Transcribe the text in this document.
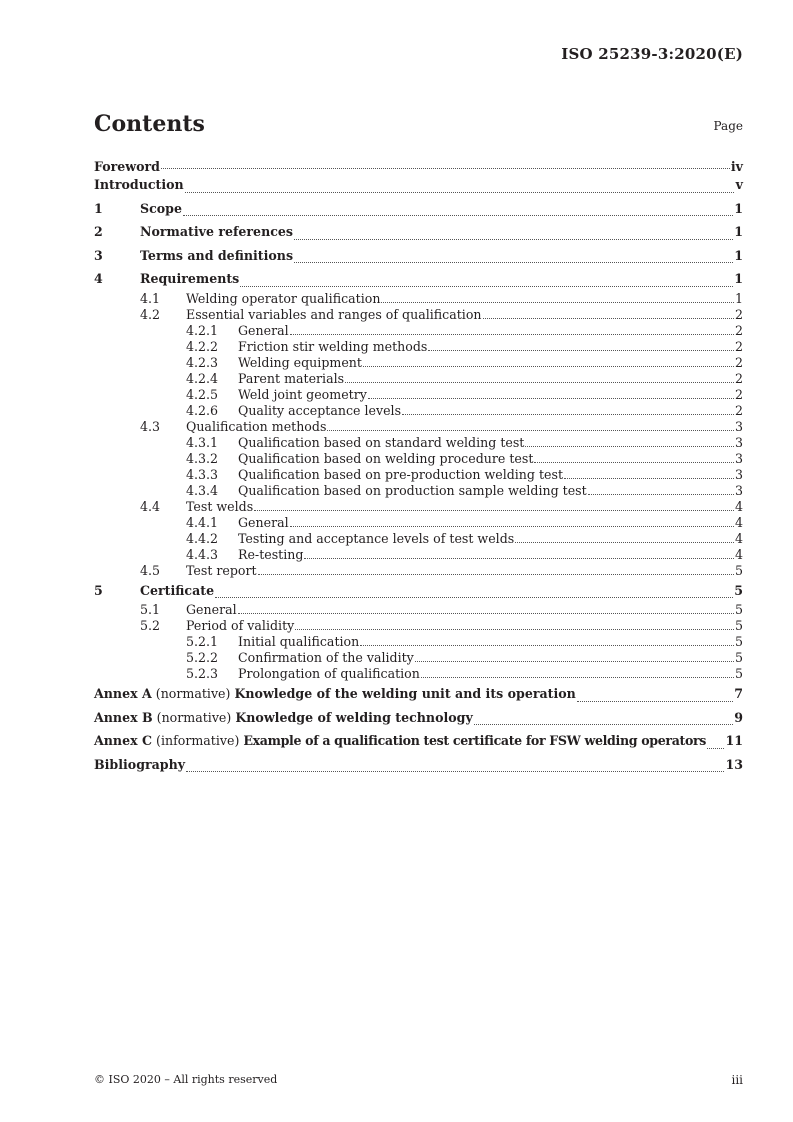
ISO 25239-3:2020(E)
Contents	Page
Foreword	iv
Introduction	v
1	Scope	1
2	Normative references	1
3	Terms and definitions	1
4	Requirements	1
4.1	Welding operator qualification	1
4.2	Essential variables and ranges of qualification	2
4.2.1	General	2
4.2.2	Friction stir welding methods	2
4.2.3	Welding equipment	2
4.2.4	Parent materials	2
4.2.5	Weld joint geometry	2
4.2.6	Quality acceptance levels	2
4.3	Qualification methods	3
4.3.1	Qualification based on standard welding test	3
4.3.2	Qualification based on welding procedure test	3
4.3.3	Qualification based on pre-production welding test	3
4.3.4	Qualification based on production sample welding test	3
4.4	Test welds	4
4.4.1	General	4
4.4.2	Testing and acceptance levels of test welds	4
4.4.3	Re-testing	4
4.5	Test report	5
5	Certificate	5
5.1	General	5
5.2	Period of validity	5
5.2.1	Initial qualification	5
5.2.2	Confirmation of the validity	5
5.2.3	Prolongation of qualification	5
Annex A (normative) Knowledge of the welding unit and its operation	7
Annex B (normative) Knowledge of welding technology	9
Annex C (informative) Example of a qualification test certificate for FSW welding operators 11
Bibliography	13
© ISO 2020 – All rights reserved	iii
